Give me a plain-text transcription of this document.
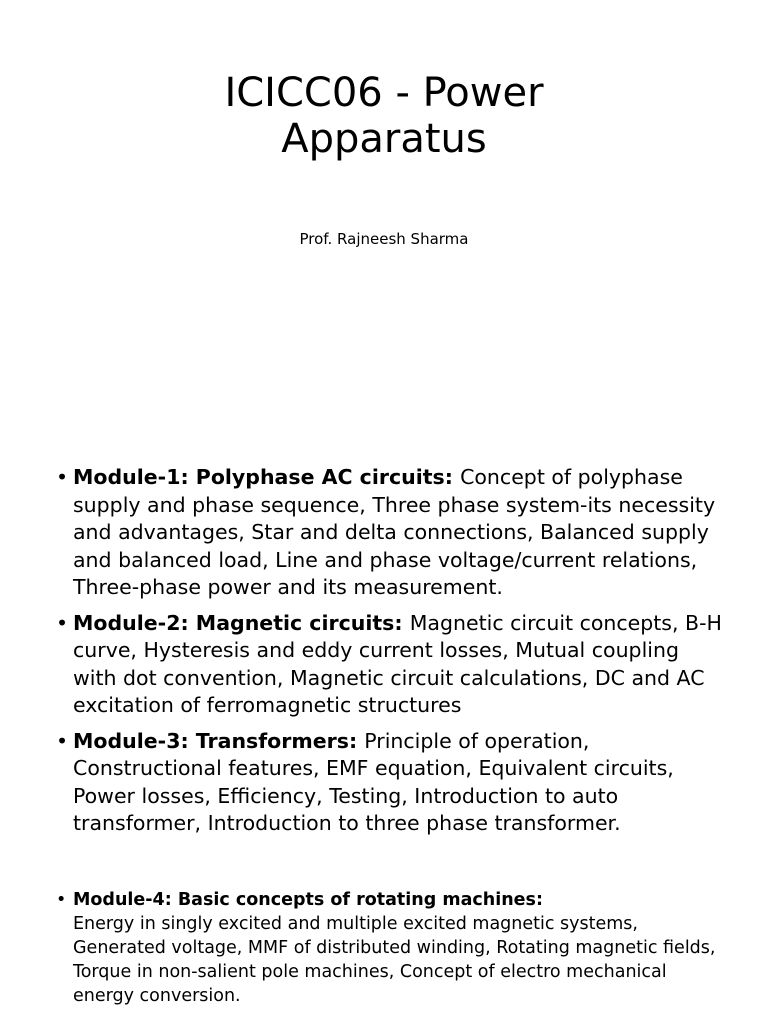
ICICC06 - Power
Apparatus
Prof. Rajneesh Sharma
• Module-1: Polyphase AC circuits: Concept of polyphase supply and phase sequence, Three phase system-its necessity and advantages, Star and delta connections, Balanced supply and balanced load, Line and phase voltage/current relations, Three-phase power and its measurement.
• Module-2: Magnetic circuits: Magnetic circuit concepts, B-H curve, Hysteresis and eddy current losses, Mutual coupling with dot convention, Magnetic circuit calculations, DC and AC excitation of ferromagnetic structures
• Module-3: Transformers: Principle of operation, Constructional features, EMF equation, Equivalent circuits, Power losses, Efficiency, Testing, Introduction to auto transformer, Introduction to three phase transformer.
• Module-4: Basic concepts of rotating machines:
Energy in singly excited and multiple excited magnetic systems, Generated voltage, MMF of distributed winding, Rotating magnetic fields, Torque in non-salient pole machines, Concept of electro mechanical energy conversion.
